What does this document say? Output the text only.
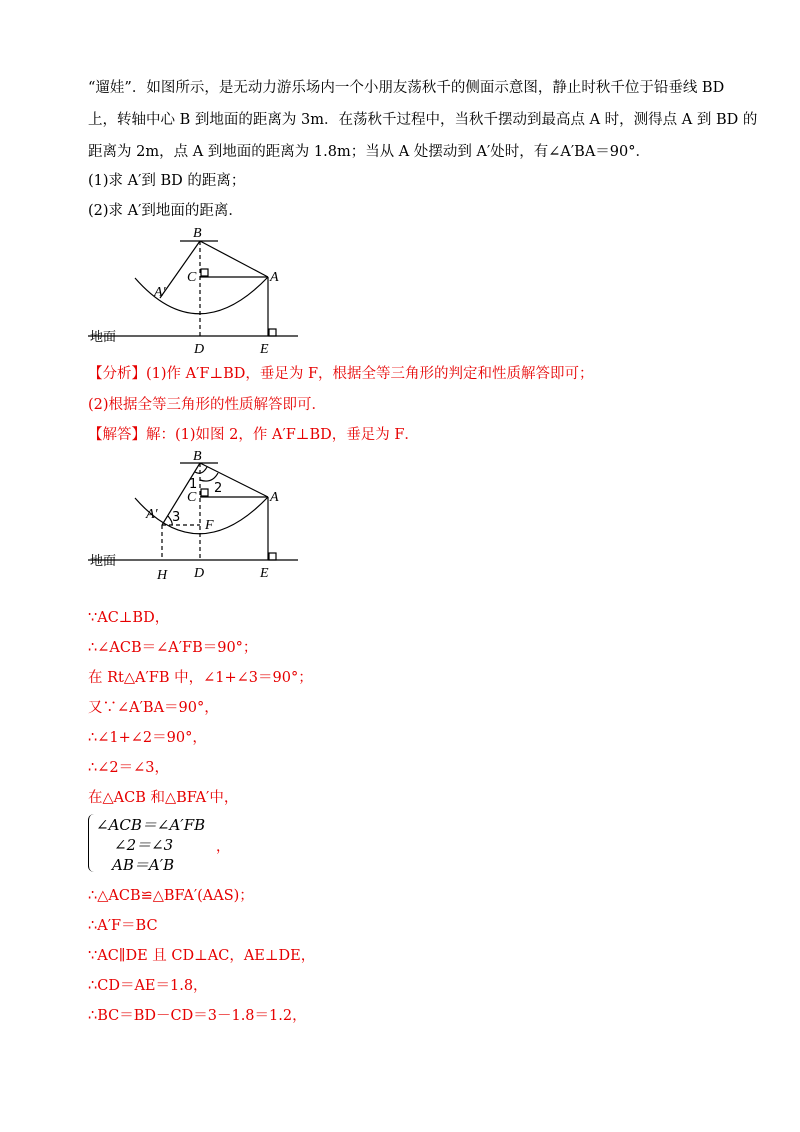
“遛娃”．如图所示，是无动力游乐场内一个小朋友荡秋千的侧面示意图，静止时秋千位于铅垂线 BD
上，转轴中心 B 到地面的距离为 3m．在荡秋千过程中，当秋千摆动到最高点 A 时，测得点 A 到 BD 的
距离为 2m，点 A 到地面的距离为 1.8m；当从 A 处摆动到 A′处时，有∠A′BA＝90°．
(1)求 A′到 BD 的距离；
(2)求 A′到地面的距离．
B
C	A
A′
D	E
地面
【分析】(1)作 A′F⊥BD，垂足为 F，根据全等三角形的判定和性质解答即可；
(2)根据全等三角形的性质解答即可．
【解答】解：(1)如图 2，作 A′F⊥BD，垂足为 F．
1 2
3
B
C	A
A′
F
D	E
H
地面
∵AC⊥BD，
∴∠ACB＝∠A′FB＝90°；
在 Rt△A′FB 中，∠1+∠3＝90°；
又∵∠A′BA＝90°，
∴∠1+∠2＝90°，
∴∠2＝∠3，
在△ACB 和△BFA′中，
∠ACB＝∠A′FB
∠2＝∠3
AB＝A′B
，
∴△ACB≌△BFA′(AAS)；
∴A′F＝BC
∵AC∥DE 且 CD⊥AC，AE⊥DE，
∴CD＝AE＝1.8，
∴BC＝BD－CD＝3－1.8＝1.2，
